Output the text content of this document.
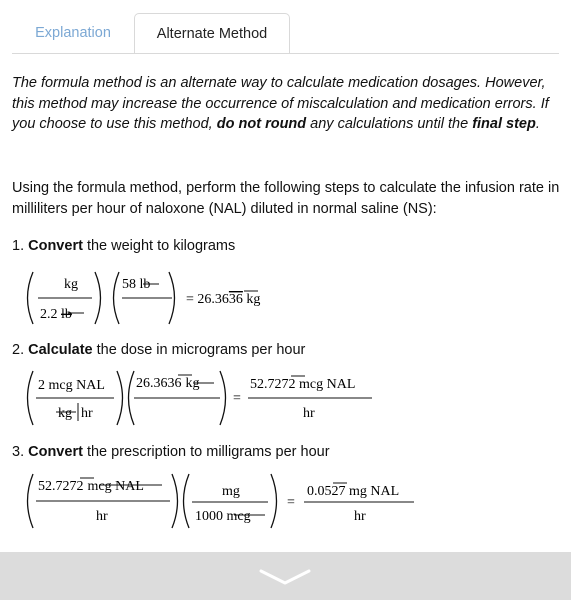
Explanation	Alternate Method

The formula method is an alternate way to calculate medication dosages. However, this method may increase the occurrence of miscalculation and medication errors. If you choose to use this method, do not round any calculations until the final step.

Using the formula method, perform the following steps to calculate the infusion rate in milliliters per hour of naloxone (NAL) diluted in normal saline (NS):

1. Convert the weight to kilograms
kg
2.2 lb
58 lb
= 26.3636 kg
2. Calculate the dose in micrograms per hour
2 mcg NAL
kg hr
26.3636 kg
=
52.7272 mcg NAL
hr
3. Convert the prescription to milligrams per hour
52.7272 mcg NAL
hr
mg
1000 mcg
=
0.0527 mg NAL
hr
